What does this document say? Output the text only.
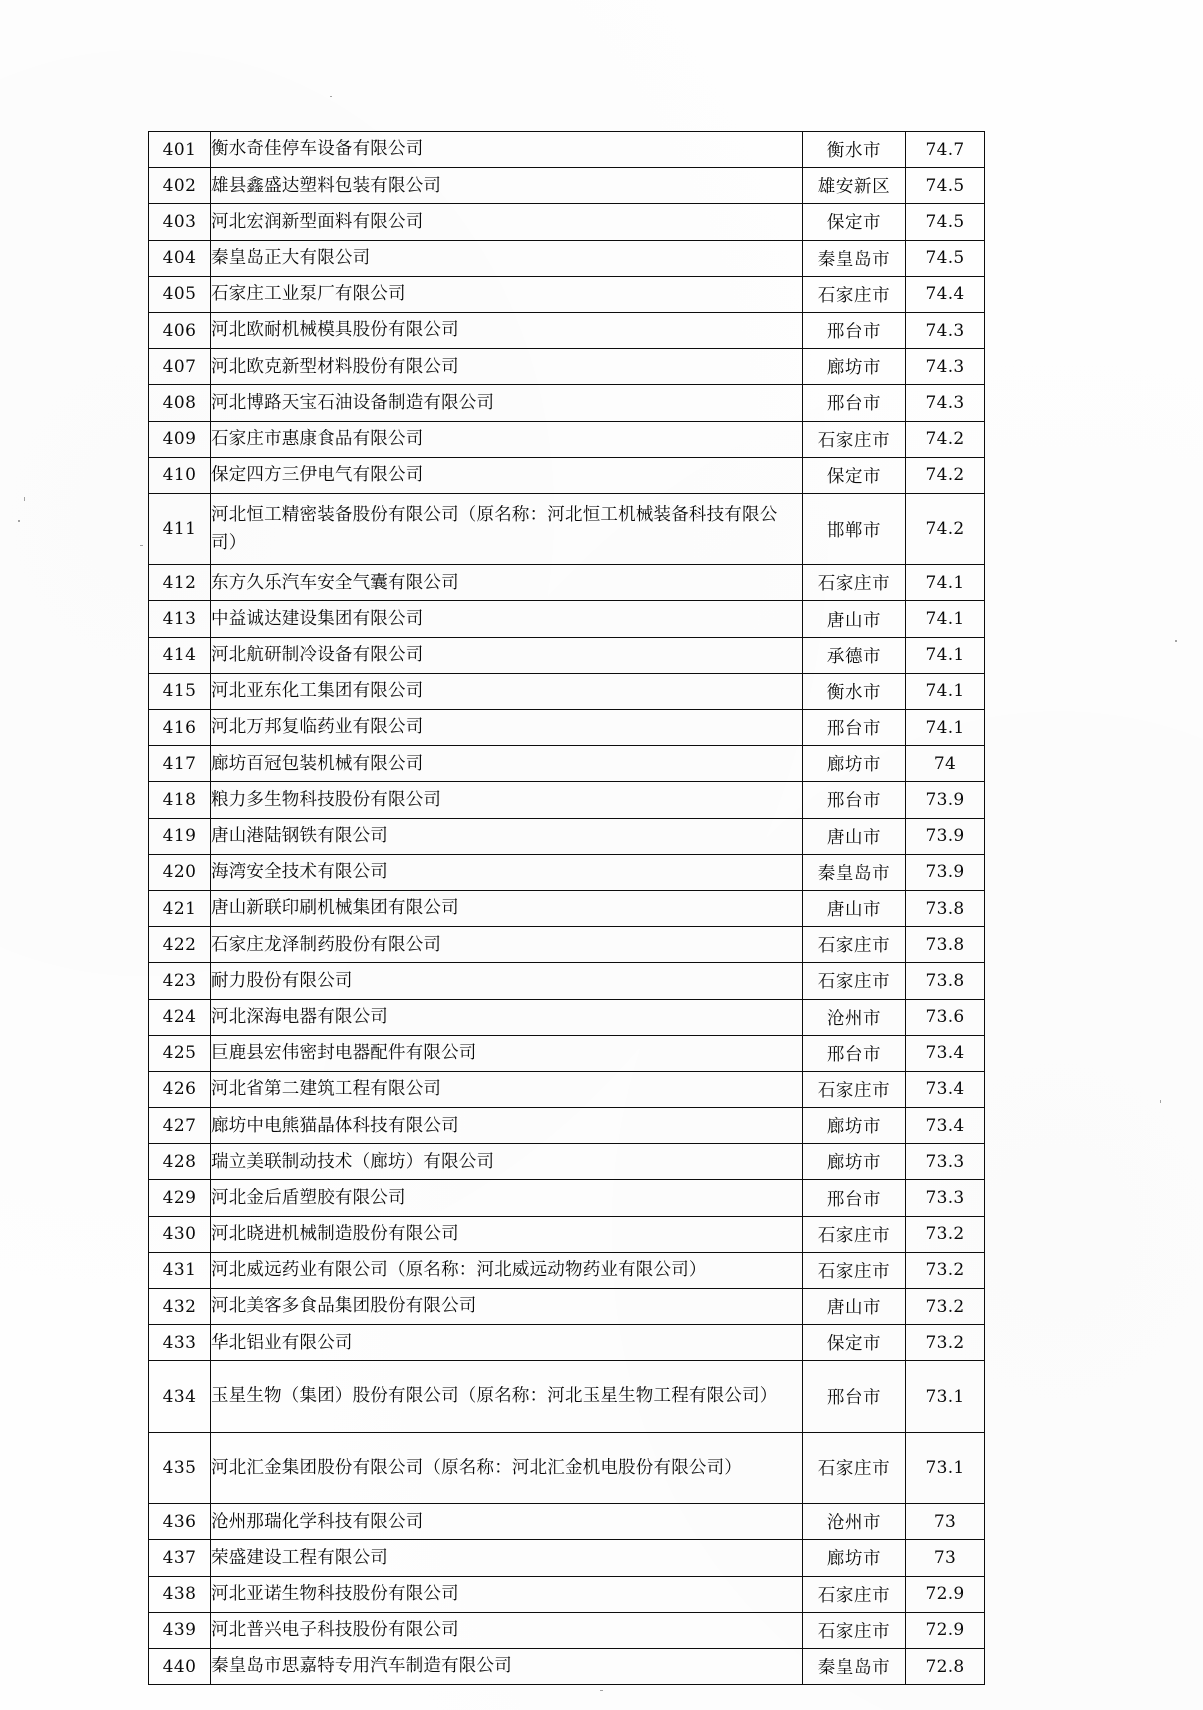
401	衡水奇佳停车设备有限公司	衡水市	74.7
402	雄县鑫盛达塑料包装有限公司	雄安新区	74.5
403	河北宏润新型面料有限公司	保定市	74.5
404	秦皇岛正大有限公司	秦皇岛市	74.5
405	石家庄工业泵厂有限公司	石家庄市	74.4
406	河北欧耐机械模具股份有限公司	邢台市	74.3
407	河北欧克新型材料股份有限公司	廊坊市	74.3
408	河北博路天宝石油设备制造有限公司	邢台市	74.3
409	石家庄市惠康食品有限公司	石家庄市	74.2
410	保定四方三伊电气有限公司	保定市	74.2
411	河北恒工精密装备股份有限公司（原名称：河北恒工机械装备科技有限公司）	邯郸市	74.2
412	东方久乐汽车安全气囊有限公司	石家庄市	74.1
413	中益诚达建设集团有限公司	唐山市	74.1
414	河北航研制冷设备有限公司	承德市	74.1
415	河北亚东化工集团有限公司	衡水市	74.1
416	河北万邦复临药业有限公司	邢台市	74.1
417	廊坊百冠包装机械有限公司	廊坊市	74
418	粮力多生物科技股份有限公司	邢台市	73.9
419	唐山港陆钢铁有限公司	唐山市	73.9
420	海湾安全技术有限公司	秦皇岛市	73.9
421	唐山新联印刷机械集团有限公司	唐山市	73.8
422	石家庄龙泽制药股份有限公司	石家庄市	73.8
423	耐力股份有限公司	石家庄市	73.8
424	河北深海电器有限公司	沧州市	73.6
425	巨鹿县宏伟密封电器配件有限公司	邢台市	73.4
426	河北省第二建筑工程有限公司	石家庄市	73.4
427	廊坊中电熊猫晶体科技有限公司	廊坊市	73.4
428	瑞立美联制动技术（廊坊）有限公司	廊坊市	73.3
429	河北金后盾塑胶有限公司	邢台市	73.3
430	河北晓进机械制造股份有限公司	石家庄市	73.2
431	河北威远药业有限公司（原名称：河北威远动物药业有限公司）	石家庄市	73.2
432	河北美客多食品集团股份有限公司	唐山市	73.2
433	华北铝业有限公司	保定市	73.2
434	玉星生物（集团）股份有限公司（原名称：河北玉星生物工程有限公司）	邢台市	73.1
435	河北汇金集团股份有限公司（原名称：河北汇金机电股份有限公司）	石家庄市	73.1
436	沧州那瑞化学科技有限公司	沧州市	73
437	荣盛建设工程有限公司	廊坊市	73
438	河北亚诺生物科技股份有限公司	石家庄市	72.9
439	河北普兴电子科技股份有限公司	石家庄市	72.9
440	秦皇岛市思嘉特专用汽车制造有限公司	秦皇岛市	72.8
